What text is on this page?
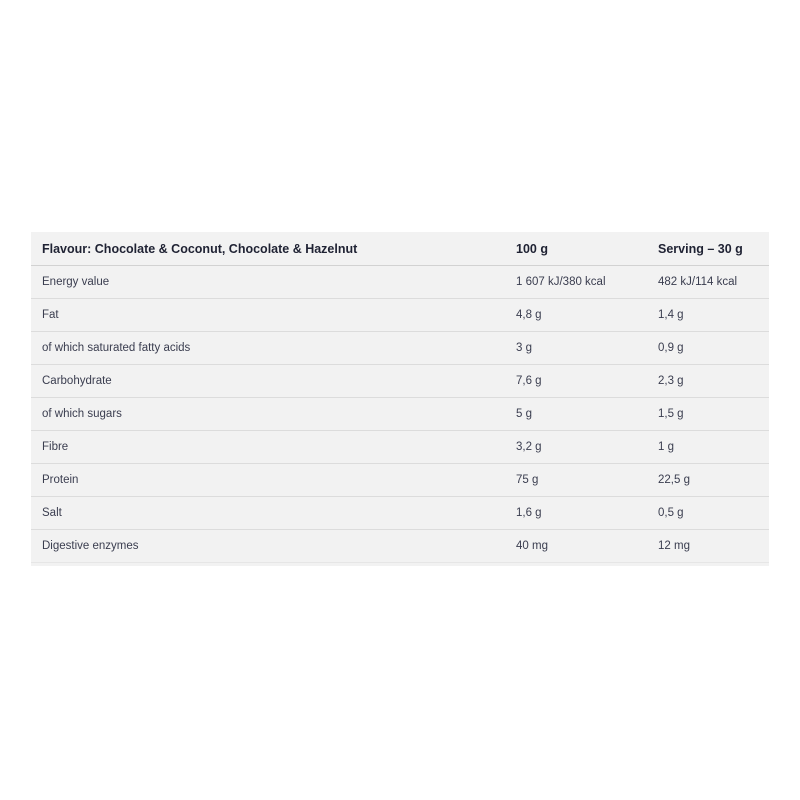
Flavour: Chocolate & Coconut, Chocolate & Hazelnut	100 g	Serving – 30 g
Energy value	1 607 kJ/380 kcal	482 kJ/114 kcal
Fat	4,8 g	1,4 g
of which saturated fatty acids	3 g	0,9 g
Carbohydrate	7,6 g	2,3 g
of which sugars	5 g	1,5 g
Fibre	3,2 g	1 g
Protein	75 g	22,5 g
Salt	1,6 g	0,5 g
Digestive enzymes	40 mg	12 mg
